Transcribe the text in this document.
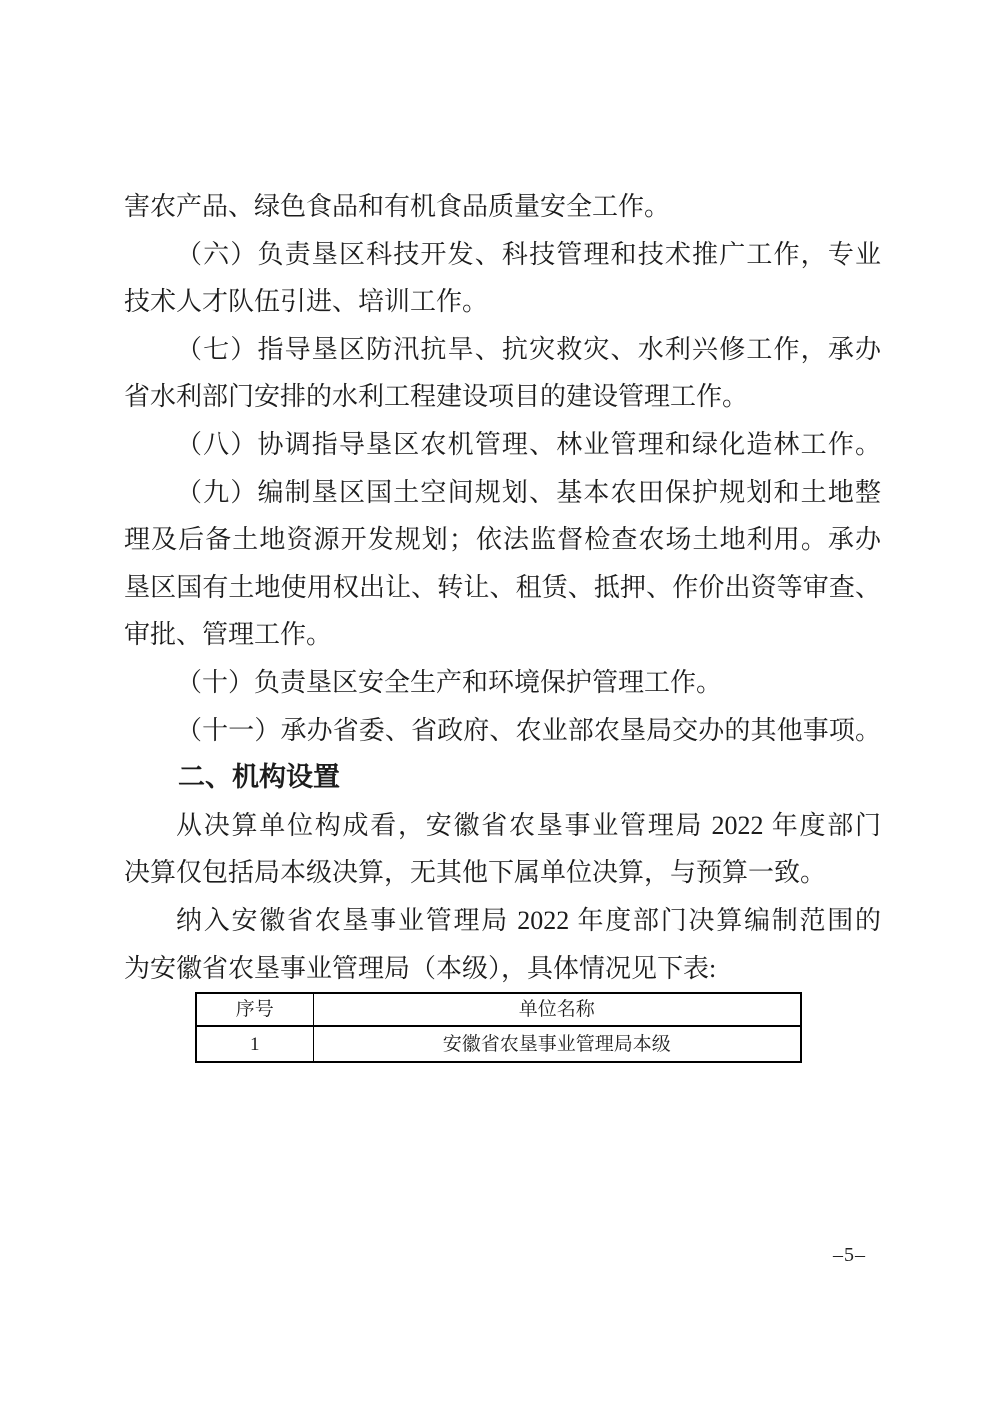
害农产品、绿色食品和有机食品质量安全工作。
（六）负责垦区科技开发、科技管理和技术推广工作，专业
技术人才队伍引进、培训工作。
（七）指导垦区防汛抗旱、抗灾救灾、水利兴修工作，承办
省水利部门安排的水利工程建设项目的建设管理工作。
（八）协调指导垦区农机管理、林业管理和绿化造林工作。
（九）编制垦区国土空间规划、基本农田保护规划和土地整
理及后备土地资源开发规划；依法监督检查农场土地利用。承办
垦区国有土地使用权出让、转让、租赁、抵押、作价出资等审查、
审批、管理工作。
（十）负责垦区安全生产和环境保护管理工作。
（十一）承办省委、省政府、农业部农垦局交办的其他事项。
二、机构设置
从决算单位构成看，安徽省农垦事业管理局 2022 年度部门
决算仅包括局本级决算，无其他下属单位决算，与预算一致。
纳入安徽省农垦事业管理局 2022 年度部门决算编制范围的
为安徽省农垦事业管理局（本级），具体情况见下表:
序号	单位名称
1	安徽省农垦事业管理局本级
–5–
